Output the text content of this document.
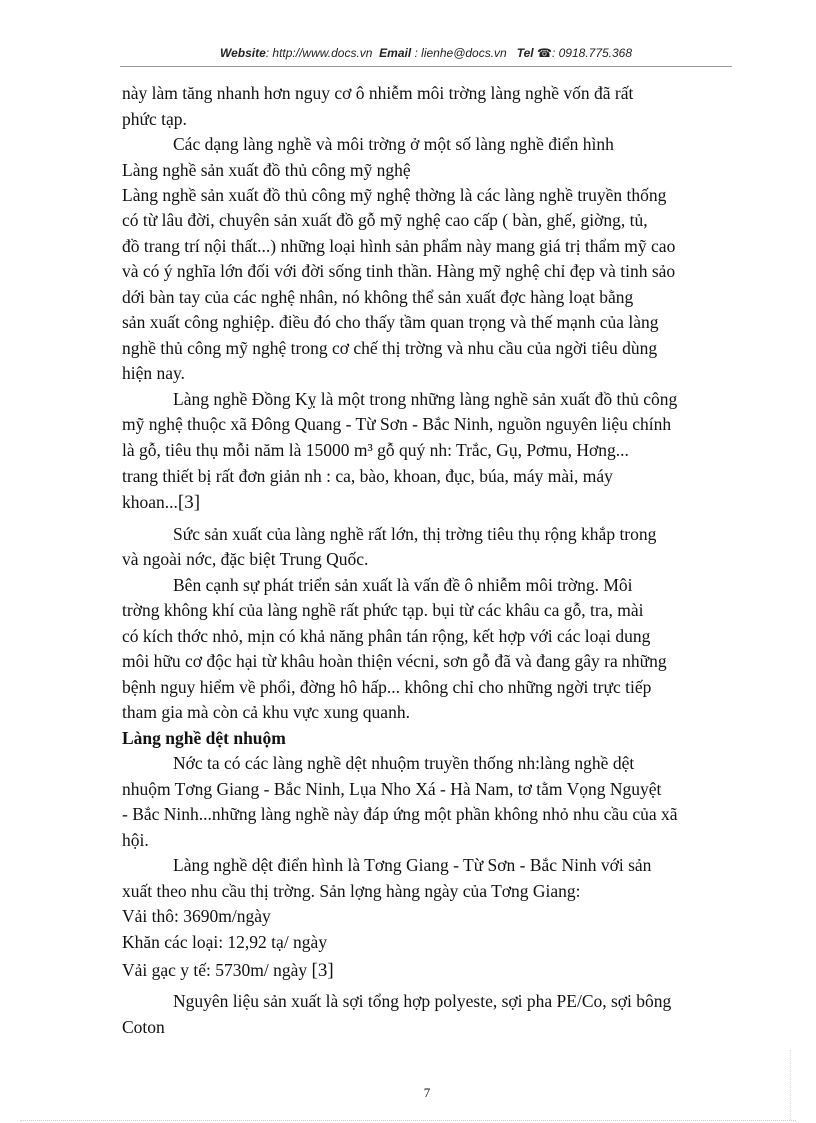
Website: http://www.docs.vn Email : lienhe@docs.vn Tel ☎: 0918.775.368
này làm tăng nhanh hơn nguy cơ ô nhiễm môi trờng làng nghề vốn đã rất
phức tạp.
Các dạng làng nghề và môi trờng ở một số làng nghề điển hình
Làng nghề sản xuất đồ thủ công mỹ nghệ
Làng nghề sản xuất đồ thủ công mỹ nghệ thờng là các làng nghề truyền thống
có từ lâu đời, chuyên sản xuất đồ gỗ mỹ nghệ cao cấp ( bàn, ghế, giờng, tủ,
đồ trang trí nội thất...) những loại hình sản phẩm này mang giá trị thẩm mỹ cao
và có ý nghĩa lớn đối với đời sống tinh thần. Hàng mỹ nghệ chỉ đẹp và tinh sảo
dới bàn tay của các nghệ nhân, nó không thể sản xuất đợc hàng loạt bằng
sản xuất công nghiệp. điều đó cho thấy tầm quan trọng và thế mạnh của làng
nghề thủ công mỹ nghệ trong cơ chế thị trờng và nhu cầu của ngời tiêu dùng
hiện nay.
Làng nghề Đồng Kỵ là một trong những làng nghề sản xuất đồ thủ công
mỹ nghệ thuộc xã Đông Quang - Từ Sơn - Bắc Ninh, nguồn nguyên liệu chính
là gỗ, tiêu thụ mỗi năm là 15000 m³ gỗ quý nh: Trắc, Gụ, Pơmu, Hơng...
trang thiết bị rất đơn giản nh : ca, bào, khoan, đục, búa, máy mài, máy
khoan...[3]
Sức sản xuất của làng nghề rất lớn, thị trờng tiêu thụ rộng khắp trong
và ngoài nớc, đặc biệt Trung Quốc.
Bên cạnh sự phát triển sản xuất là vấn đề ô nhiễm môi trờng. Môi
trờng không khí của làng nghề rất phức tạp. bụi từ các khâu ca gỗ, tra, mài
có kích thớc nhỏ, mịn có khả năng phân tán rộng, kết hợp với các loại dung
môi hữu cơ độc hại từ khâu hoàn thiện vécni, sơn gỗ đã và đang gây ra những
bệnh nguy hiểm về phổi, đờng hô hấp... không chỉ cho những ngời trực tiếp
tham gia mà còn cả khu vực xung quanh.
Làng nghề dệt nhuộm
Nớc ta có các làng nghề dệt nhuộm truyền thống nh:làng nghề dệt
nhuộm Tơng Giang - Bắc Ninh, Lụa Nho Xá - Hà Nam, tơ tằm Vọng Nguyệt
- Bắc Ninh...những làng nghề này đáp ứng một phần không nhỏ nhu cầu của xã
hội.
Làng nghề dệt điển hình là Tơng Giang - Từ Sơn - Bắc Ninh với sản
xuất theo nhu cầu thị trờng. Sản lợng hàng ngày của Tơng Giang:
Vải thô: 3690m/ngày
Khăn các loại: 12,92 tạ/ ngày
Vải gạc y tế: 5730m/ ngày [3]
Nguyên liệu sản xuất là sợi tổng hợp polyeste, sợi pha PE/Co, sợi bông
Coton
7
